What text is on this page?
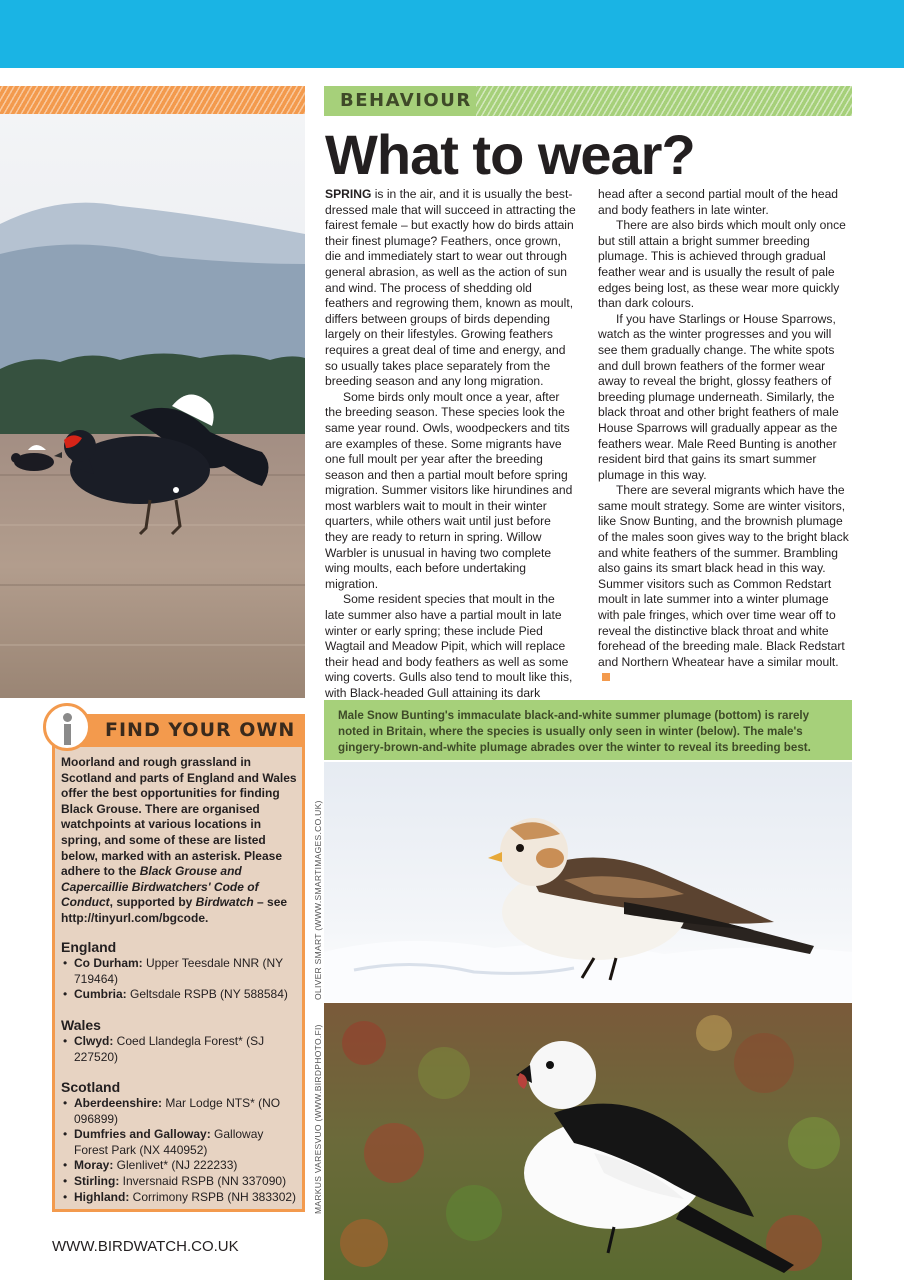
BEHAVIOUR
What to wear?

SPRING is in the air, and it is usually the best-dressed male that will succeed in attracting the fairest female – but exactly how do birds attain their finest plumage? Feathers, once grown, die and immediately start to wear out through general abrasion, as well as the action of sun and wind. The process of shedding old feathers and regrowing them, known as moult, differs between groups of birds depending largely on their lifestyles. Growing feathers requires a great deal of time and energy, and so usually takes place separately from the breeding season and any long migration.

Some birds only moult once a year, after the breeding season. These species look the same year round. Owls, woodpeckers and tits are examples of these. Some migrants have one full moult per year after the breeding season and then a partial moult before spring migration. Summer visitors like hirundines and most warblers wait to moult in their winter quarters, while others wait until just before they are ready to return in spring. Willow Warbler is unusual in having two complete wing moults, each before undertaking migration.

Some resident species that moult in the late summer also have a partial moult in late winter or early spring; these include Pied Wagtail and Meadow Pipit, which will replace their head and body feathers as well as some wing coverts. Gulls also tend to moult like this, with Black-headed Gull attaining its dark

head after a second partial moult of the head and body feathers in late winter.

There are also birds which moult only once but still attain a bright summer breeding plumage. This is achieved through gradual feather wear and is usually the result of pale edges being lost, as these wear more quickly than dark colours.

If you have Starlings or House Sparrows, watch as the winter progresses and you will see them gradually change. The white spots and dull brown feathers of the former wear away to reveal the bright, glossy feathers of breeding plumage underneath. Similarly, the black throat and other bright feathers of male House Sparrows will gradually appear as the feathers wear. Male Reed Bunting is another resident bird that gains its smart summer plumage in this way.

There are several migrants which have the same moult strategy. Some are winter visitors, like Snow Bunting, and the brownish plumage of the males soon gives way to the bright black and white feathers of the summer. Brambling also gains its smart black head in this way. Summer visitors such as Common Redstart moult in late summer into a winter plumage with pale fringes, which over time wear off to reveal the distinctive black throat and white forehead of the breeding male. Black Redstart and Northern Wheatear have a similar moult.

FIND YOUR OWN
Moorland and rough grassland in Scotland and parts of England and Wales offer the best opportunities for finding Black Grouse. There are organised watchpoints at various locations in spring, and some of these are listed below, marked with an asterisk. Please adhere to the Black Grouse and Capercaillie Birdwatchers' Code of Conduct, supported by Birdwatch – see http://tinyurl.com/bgcode.
England
• Co Durham: Upper Teesdale NNR (NY 719464)
• Cumbria: Geltsdale RSPB (NY 588584)
Wales
• Clwyd: Coed Llandegla Forest* (SJ 227520)
Scotland
• Aberdeenshire: Mar Lodge NTS* (NO 096899)
• Dumfries and Galloway: Galloway Forest Park (NX 440952)
• Moray: Glenlivet* (NJ 222233)
• Stirling: Inversnaid RSPB (NN 337090)
• Highland: Corrimony RSPB (NH 383302)
OLIVER SMART (WWW.SMARTIMAGES.CO.UK)
MARKUS VARESVUO (WWW.BIRDPHOTO.FI)
Male Snow Bunting's immaculate black-and-white summer plumage (bottom) is rarely noted in Britain, where the species is usually only seen in winter (below). The male's gingery-brown-and-white plumage abrades over the winter to reveal its breeding best.
WWW.BIRDWATCH.CO.UK
